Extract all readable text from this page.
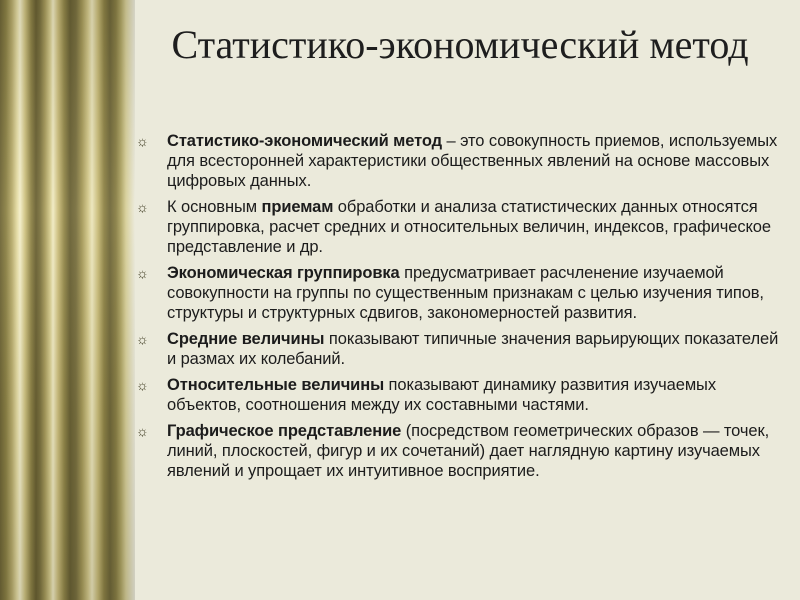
Статистико-экономический метод
☼ Статистико-экономический метод – это совокупность приемов, используемых для всесторонней характеристики общественных явлений на основе массовых цифровых данных.
☼ К основным приемам обработки и анализа статистических данных относятся группировка, расчет средних и относительных величин, индексов, графическое представление и др.
☼ Экономическая группировка предусматривает расчленение изучаемой совокупности на группы по существенным признакам с целью изучения типов, структуры и структурных сдвигов, закономерностей развития.
☼ Средние величины показывают типичные значения варьирующих показателей и размах их колебаний.
☼ Относительные величины показывают динамику развития изучаемых объектов, соотношения между их составными частями.
☼ Графическое представление (посредством геометрических образов — точек, линий, плоскостей, фигур и их сочетаний) дает наглядную картину изучаемых явлений и упрощает их интуитивное восприятие.
